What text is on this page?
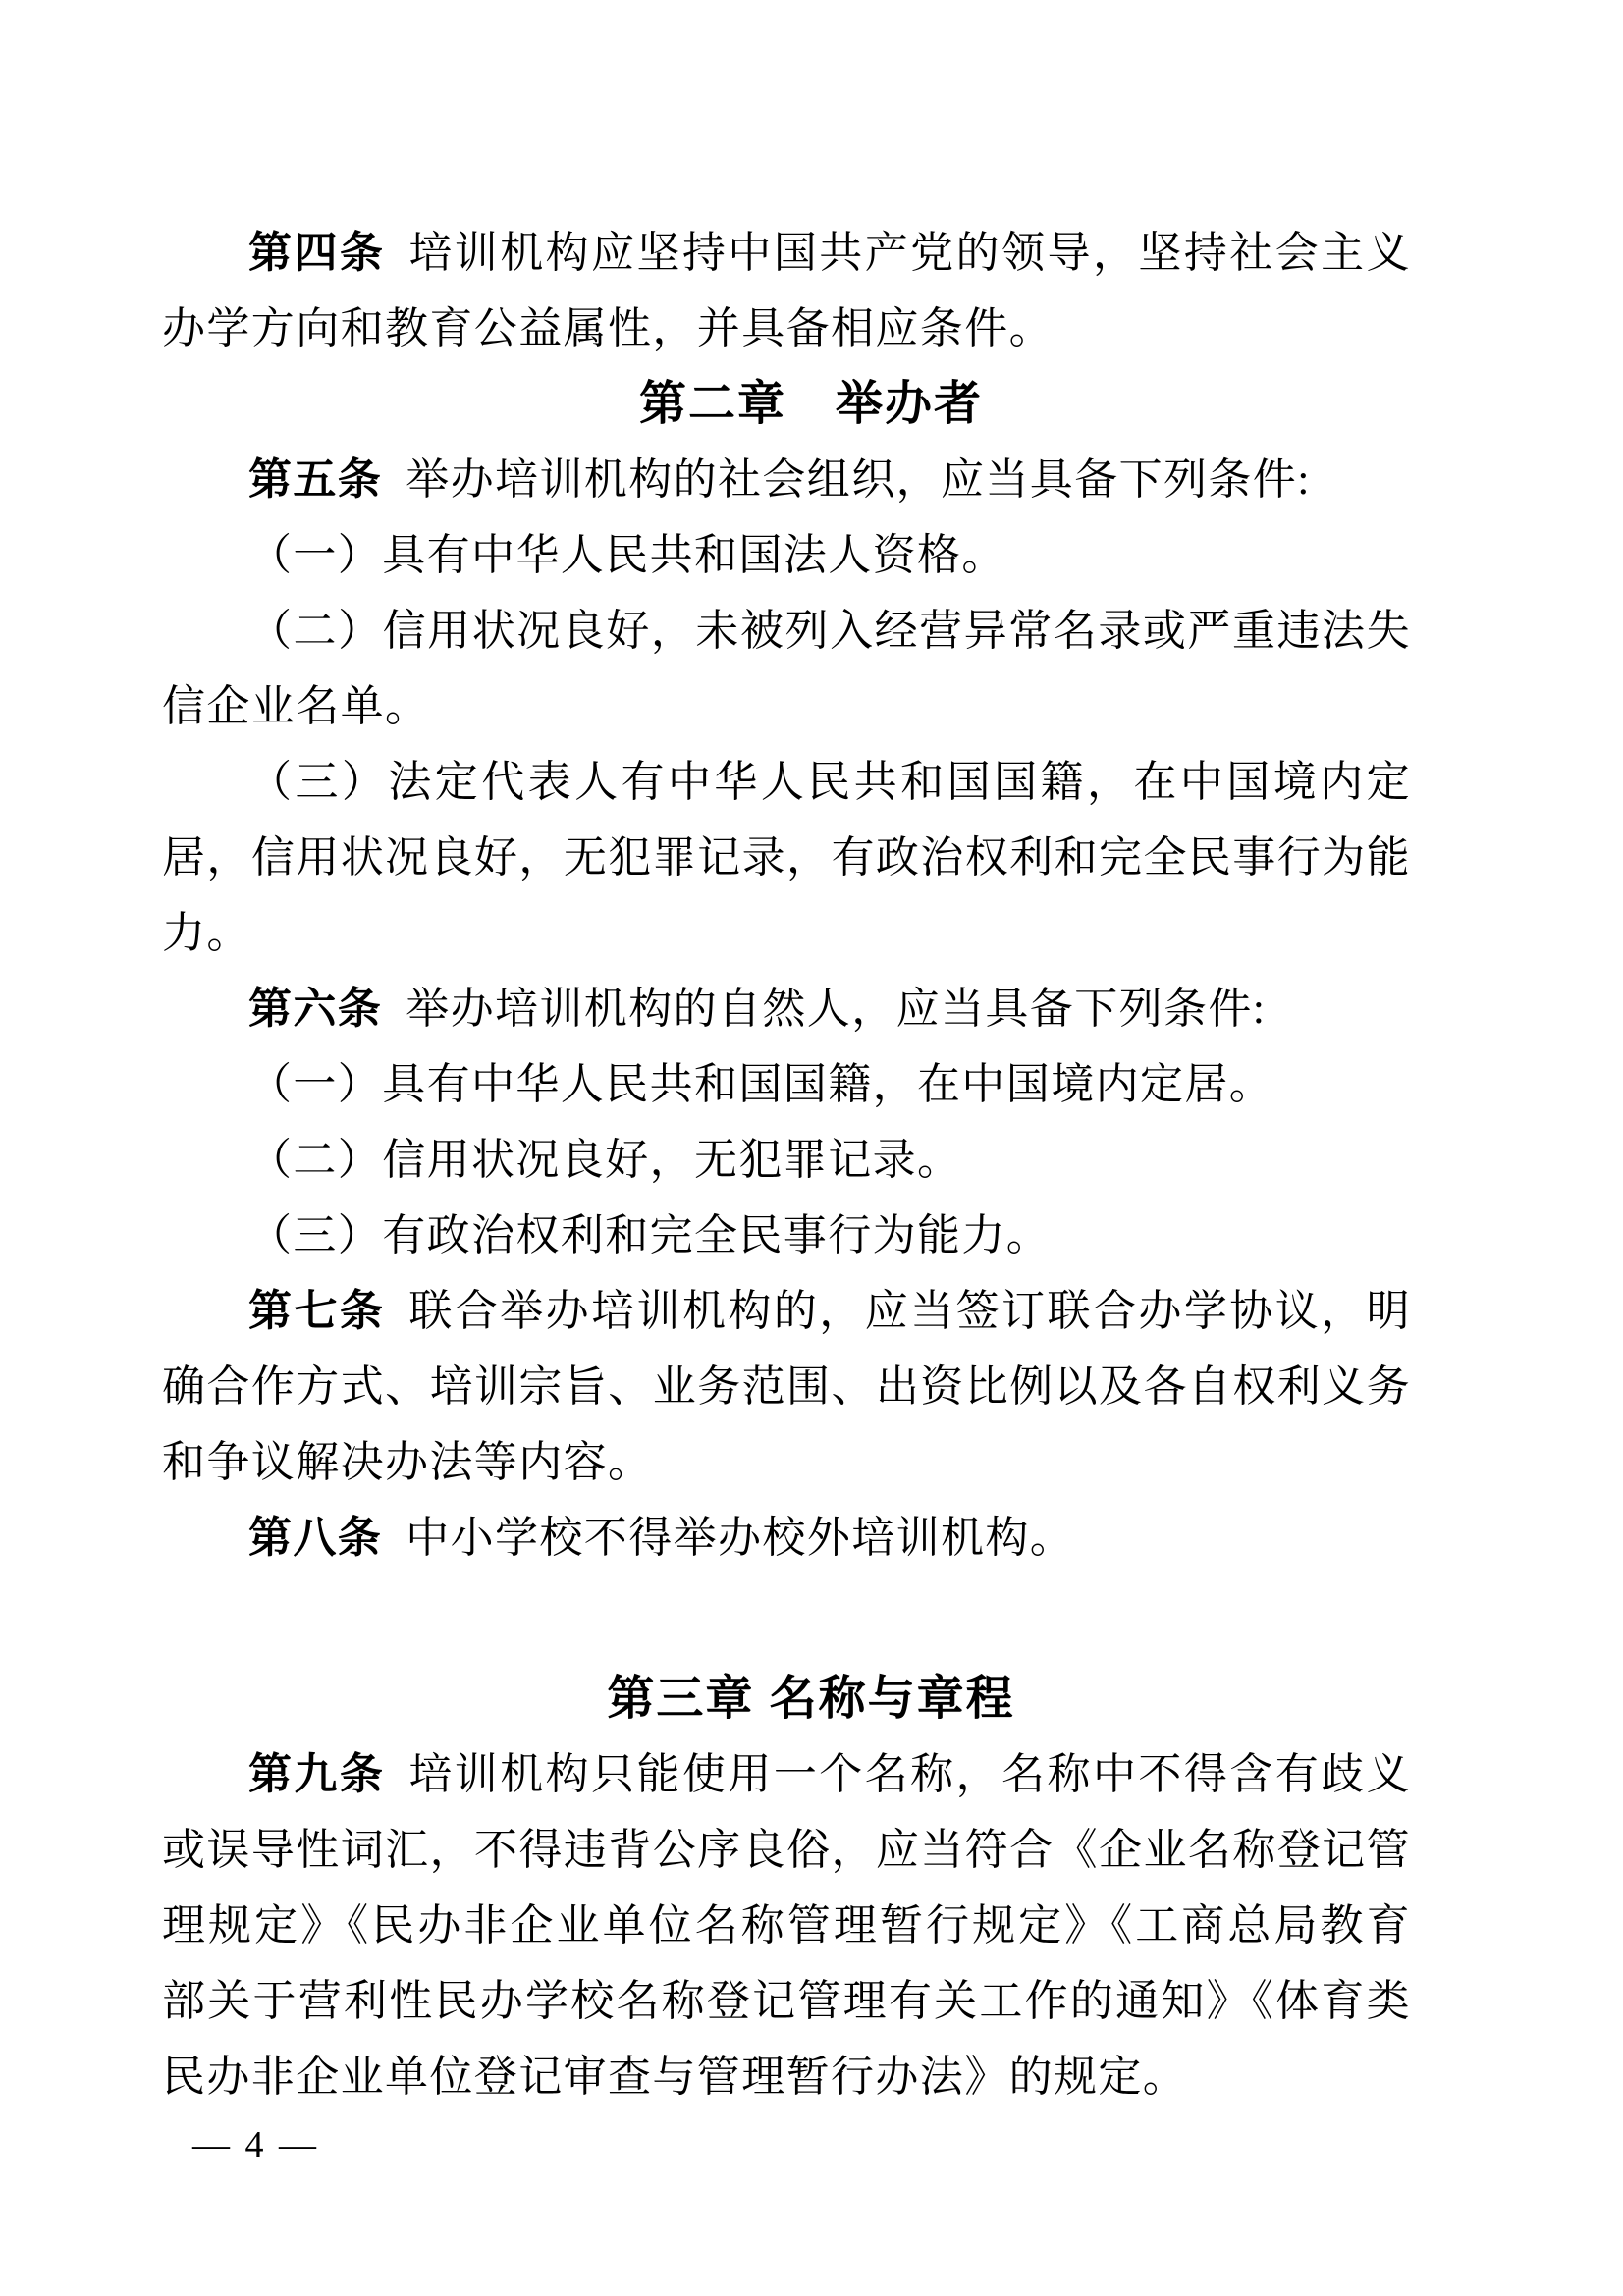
第四条 培训机构应坚持中国共产党的领导，坚持社会主义办学方向和教育公益属性，并具备相应条件。

第二章　举办者

第五条 举办培训机构的社会组织，应当具备下列条件:

（一）具有中华人民共和国法人资格。

（二）信用状况良好，未被列入经营异常名录或严重违法失信企业名单。

（三）法定代表人有中华人民共和国国籍，在中国境内定居，信用状况良好，无犯罪记录，有政治权利和完全民事行为能力。

第六条 举办培训机构的自然人，应当具备下列条件:

（一）具有中华人民共和国国籍，在中国境内定居。

（二）信用状况良好，无犯罪记录。

（三）有政治权利和完全民事行为能力。

第七条 联合举办培训机构的，应当签订联合办学协议，明确合作方式、培训宗旨、业务范围、出资比例以及各自权利义务和争议解决办法等内容。

第八条 中小学校不得举办校外培训机构。

第三章 名称与章程

第九条 培训机构只能使用一个名称，名称中不得含有歧义或误导性词汇，不得违背公序良俗，应当符合《企业名称登记管理规定》《民办非企业单位名称管理暂行规定》《工商总局教育部关于营利性民办学校名称登记管理有关工作的通知》《体育类民办非企业单位登记审查与管理暂行办法》的规定。

— 4 —
